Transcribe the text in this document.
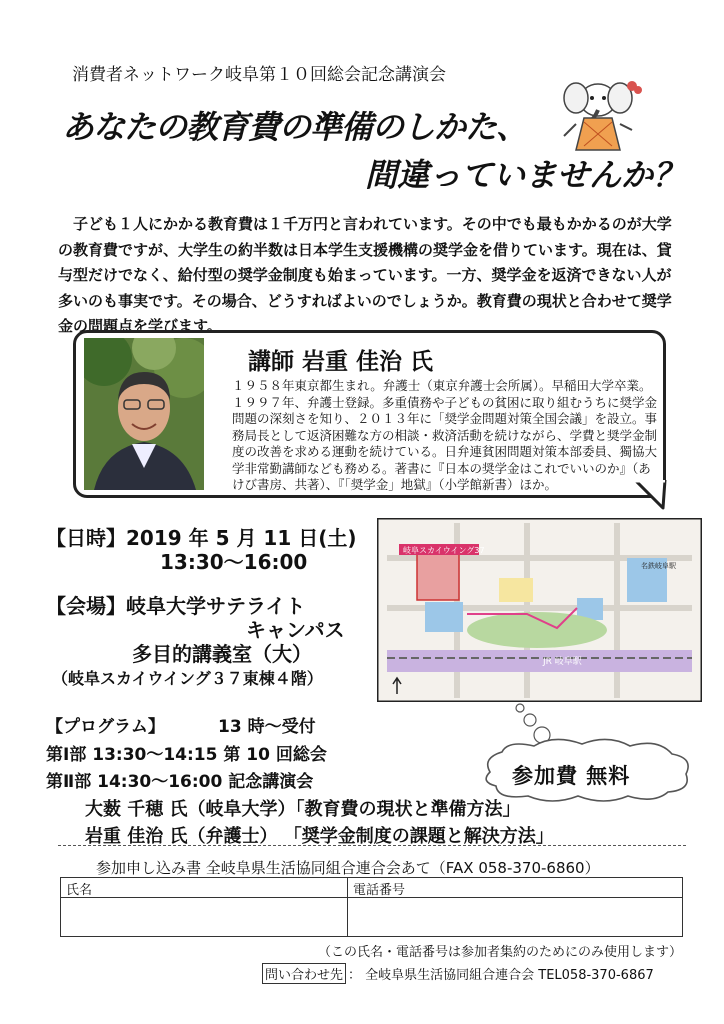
消費者ネットワーク岐阜第１０回総会記念講演会
あなたの教育費の準備のしかた、
間違っていませんか？
子ども１人にかかる教育費は１千万円と言われています。その中でも最もかかるのが大学の教育費ですが、大学生の約半数は日本学生支援機構の奨学金を借りています。現在は、貸与型だけでなく、給付型の奨学金制度も始まっています。一方、奨学金を返済できない人が多いのも事実です。その場合、どうすればよいのでしょうか。教育費の現状と合わせて奨学金の問題点を学びます。
講師 岩重 佳治 氏
１９５８年東京都生まれ。弁護士（東京弁護士会所属）。早稲田大学卒業。１９９７年、弁護士登録。多重債務や子どもの貧困に取り組むうちに奨学金問題の深刻さを知り、２０１３年に「奨学金問題対策全国会議」を設立。事務局長として返済困難な方の相談・救済活動を続けながら、学費と奨学金制度の改善を求める運動を続けている。日弁連貧困問題対策本部委員、獨協大学非常勤講師なども務める。著書に『日本の奨学金はこれでいいのか』（あけび書房、共著）、『「奨学金」地獄』（小学館新書）ほか。
【日時】2019 年 5 月 11 日(土)
13:30～16:00
【会場】岐阜大学サテライト
キャンパス
多目的講義室（大）
（岐阜スカイウイング３７東棟４階）
岐阜スカイウイング37
JR 岐阜駅
名鉄岐阜駅
【プログラム】	13 時～受付
第Ⅰ部 13:30～14:15 第 10 回総会
第Ⅱ部 14:30～16:00 記念講演会
大薮 千穂 氏（岐阜大学）「教育費の現状と準備方法」
岩重 佳治 氏（弁護士） 「奨学金制度の課題と解決方法」
参加費 無料
参加申し込み書 全岐阜県生活協同組合連合会あて（FAX 058-370-6860）
氏名	電話番号
（この氏名・電話番号は参加者集約のためにのみ使用します）
問い合わせ先 ： 全岐阜県生活協同組合連合会 TEL058-370-6867
